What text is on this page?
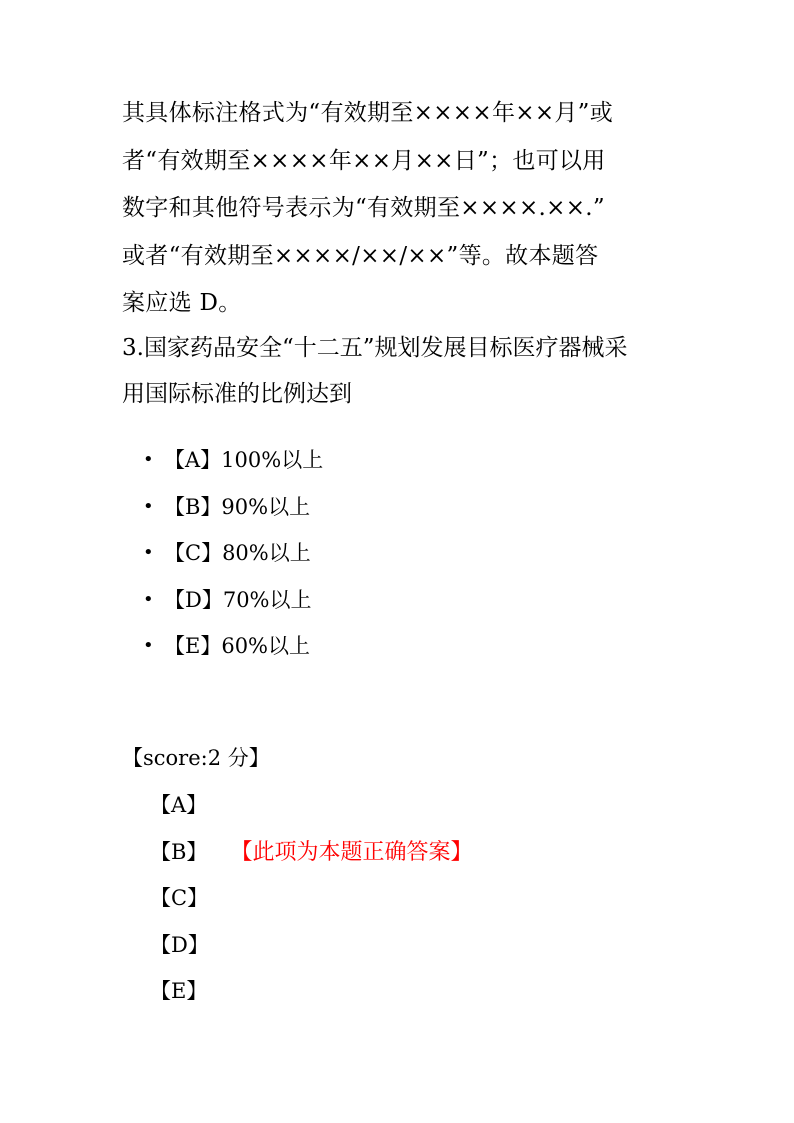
其具体标注格式为“有效期至××××年××月”或
者“有效期至××××年××月××日”；也可以用
数字和其他符号表示为“有效期至××××.××.”
或者“有效期至××××/××/××”等。故本题答
案应选 D。
3.国家药品安全“十二五”规划发展目标医疗器械采
用国际标准的比例达到
• 【A】100%以上
• 【B】90%以上
• 【C】80%以上
• 【D】70%以上
• 【E】60%以上
【score:2 分】
【A】
【B】 【此项为本题正确答案】
【C】
【D】
【E】
